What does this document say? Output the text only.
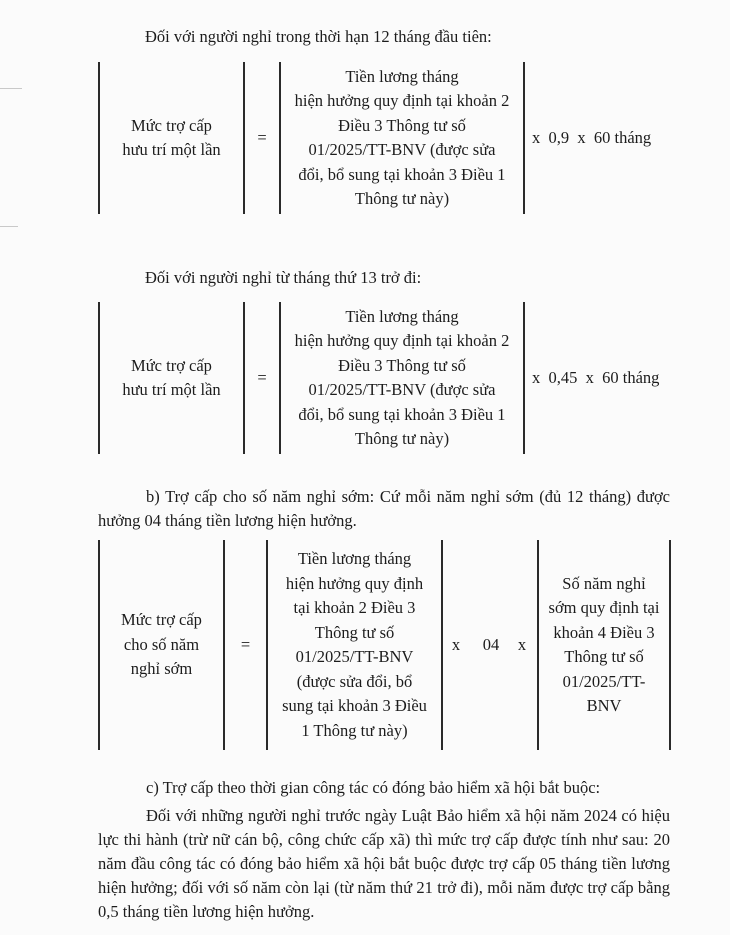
Đối với người nghỉ trong thời hạn 12 tháng đầu tiên:
Mức trợ cấp
hưu trí một lần
=
Tiền lương tháng
hiện hưởng quy định tại khoản 2
Điều 3 Thông tư số
01/2025/TT-BNV (được sửa
đổi, bổ sung tại khoản 3 Điều 1
Thông tư này)
x  0,9  x  60 tháng
Đối với người nghỉ từ tháng thứ 13 trở đi:
Mức trợ cấp
hưu trí một lần
=
Tiền lương tháng
hiện hưởng quy định tại khoản 2
Điều 3 Thông tư số
01/2025/TT-BNV (được sửa
đổi, bổ sung tại khoản 3 Điều 1
Thông tư này)
x  0,45  x  60 tháng
b) Trợ cấp cho số năm nghỉ sớm: Cứ mỗi năm nghỉ sớm (đủ 12 tháng) được hưởng 04 tháng tiền lương hiện hưởng.
Mức trợ cấp
cho số năm
nghỉ sớm
=
Tiền lương tháng
hiện hưởng quy định
tại khoản 2 Điều 3
Thông tư số
01/2025/TT-BNV
(được sửa đổi, bổ
sung tại khoản 3 Điều
1 Thông tư này)
x	04	x
Số năm nghỉ
sớm quy định tại
khoản 4 Điều 3
Thông tư số
01/2025/TT-
BNV
c) Trợ cấp theo thời gian công tác có đóng bảo hiểm xã hội bắt buộc:
Đối với những người nghỉ trước ngày Luật Bảo hiểm xã hội năm 2024 có hiệu lực thi hành (trừ nữ cán bộ, công chức cấp xã) thì mức trợ cấp được tính như sau: 20 năm đầu công tác có đóng bảo hiểm xã hội bắt buộc được trợ cấp 05 tháng tiền lương hiện hưởng; đối với số năm còn lại (từ năm thứ 21 trở đi), mỗi năm được trợ cấp bằng 0,5 tháng tiền lương hiện hưởng.
